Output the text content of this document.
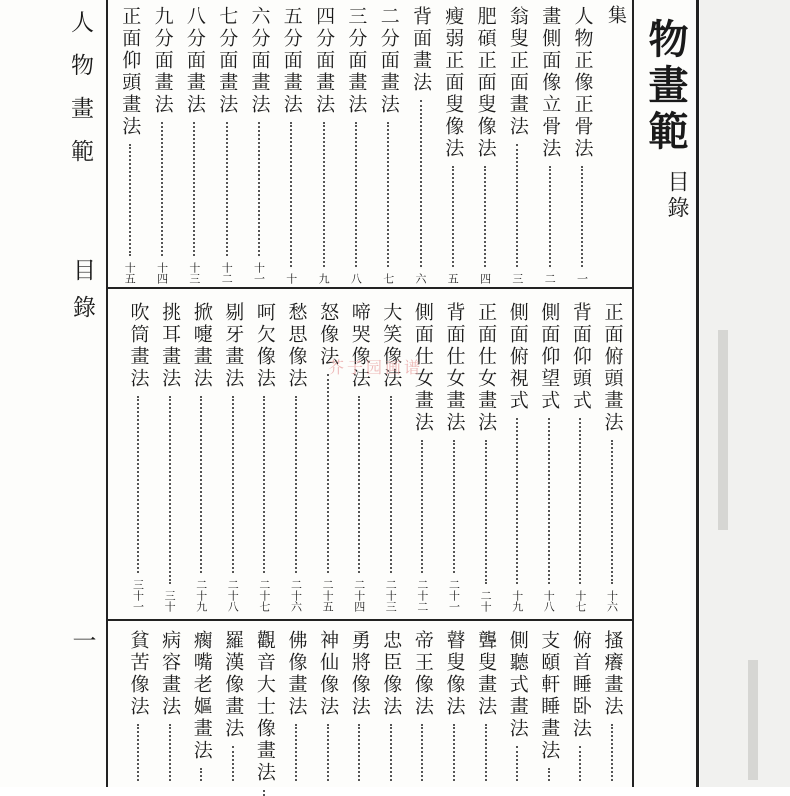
人物畫範
目錄
一
物畫範
目錄
集
人物正像正骨法
一
畫側面像立骨法
二
翁叟正面畫法
三
肥碩正面叟像法
四
瘦弱正面叟像法
五
背面畫法
六
二分面畫法
七
三分面畫法
八
四分面畫法
九
五分面畫法
十
六分面畫法
十一
七分面畫法
十二
八分面畫法
十三
九分面畫法
十四
正面仰頭畫法
十五
正面俯頭畫法
十六
背面仰頭式
十七
側面仰望式
十八
側面俯視式
十九
正面仕女畫法
二十
背面仕女畫法
二十一
側面仕女畫法
二十二
大笑像法
二十三
啼哭像法
二十四
怒像法
二十五
愁思像法
二十六
呵欠像法
二十七
剔牙畫法
二十八
掀嚏畫法
二十九
挑耳畫法
三十
吹筒畫法
三十一
搔癢畫法
俯首睡卧法
支頤軒睡畫法
側聽式畫法
聾叟畫法
瞽叟像法
帝王像法
忠臣像法
勇將像法
神仙像法
佛像畫法
觀音大士像畫法
羅漢像畫法
瘸嘴老嫗畫法
病容畫法
貧苦像法
芥子园画谱
